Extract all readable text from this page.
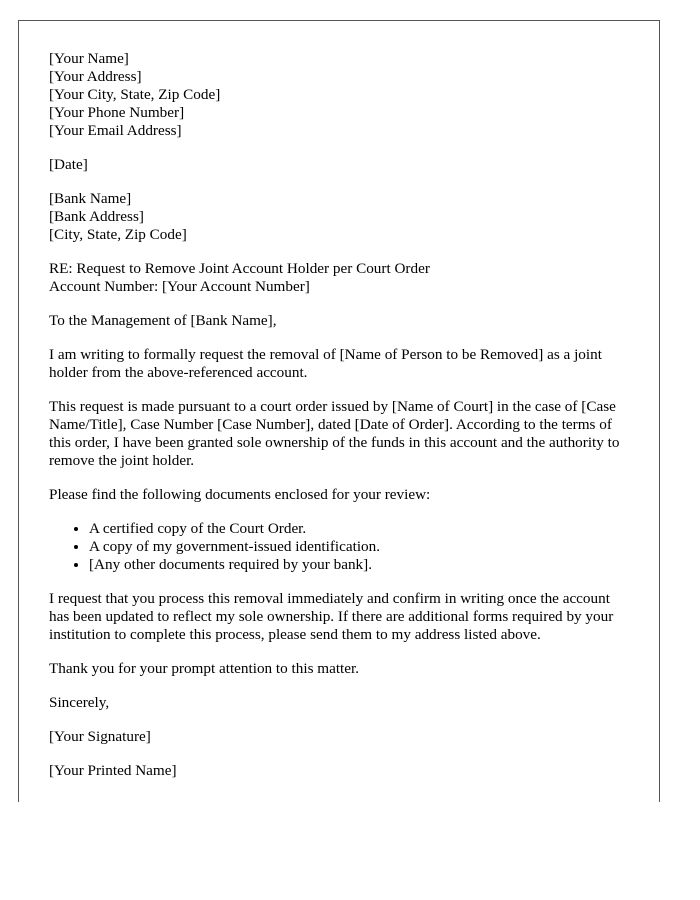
[Your Name]
[Your Address]
[Your City, State, Zip Code]
[Your Phone Number]
[Your Email Address]

[Date]

[Bank Name]
[Bank Address]
[City, State, Zip Code]
RE: Request to Remove Joint Account Holder per Court Order
Account Number: [Your Account Number]

To the Management of [Bank Name],

I am writing to formally request the removal of [Name of Person to be Removed] as a joint holder from the above-referenced account.

This request is made pursuant to a court order issued by [Name of Court] in the case of [Case Name/Title], Case Number [Case Number], dated [Date of Order]. According to the terms of this order, I have been granted sole ownership of the funds in this account and the authority to remove the joint holder.

Please find the following documents enclosed for your review:

• A certified copy of the Court Order.
• A copy of my government-issued identification.
• [Any other documents required by your bank].

I request that you process this removal immediately and confirm in writing once the account has been updated to reflect my sole ownership. If there are additional forms required by your institution to complete this process, please send them to my address listed above.

Thank you for your prompt attention to this matter.

Sincerely,

[Your Signature]

[Your Printed Name]
